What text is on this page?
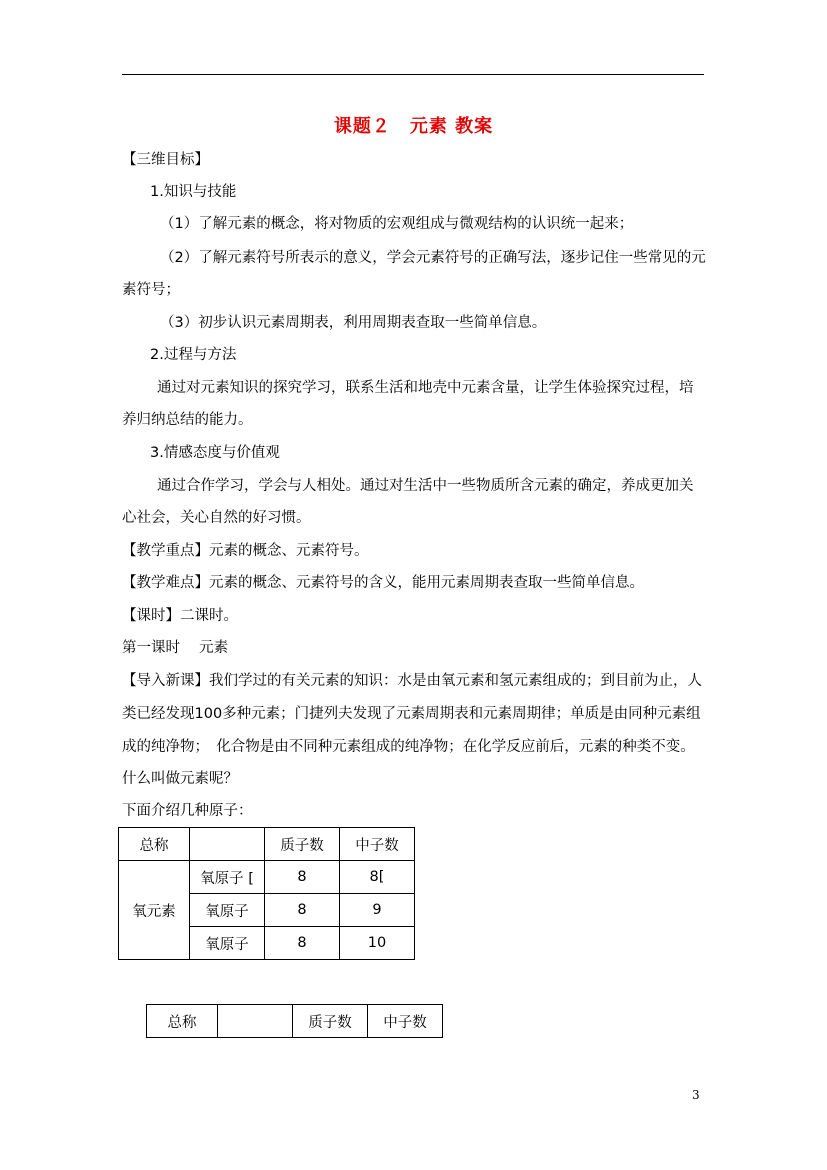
课题２　元素 教案
【三维目标】
1.知识与技能
（1）了解元素的概念，将对物质的宏观组成与微观结构的认识统一起来；
（2）了解元素符号所表示的意义，学会元素符号的正确写法，逐步记住一些常见的元
素符号；
（3）初步认识元素周期表，利用周期表查取一些简单信息。
2.过程与方法
通过对元素知识的探究学习，联系生活和地壳中元素含量，让学生体验探究过程，培
养归纳总结的能力。
3.情感态度与价值观
通过合作学习，学会与人相处。通过对生活中一些物质所含元素的确定，养成更加关
心社会，关心自然的好习惯。
【教学重点】元素的概念、元素符号。
【教学难点】元素的概念、元素符号的含义，能用元素周期表查取一些简单信息。
【课时】二课时。
第一课时　 元素
【导入新课】我们学过的有关元素的知识：水是由氧元素和氢元素组成的；到目前为止，人
类已经发现100多种元素；门捷列夫发现了元素周期表和元素周期律；单质是由同种元素组
成的纯净物；　化合物是由不同种元素组成的纯净物；在化学反应前后，元素的种类不变。
什么叫做元素呢？
下面介绍几种原子：
总称		质子数	中子数
氧元素	氧原子 [	8	8[
	氧原子	8	9
	氧原子	8	10
总称		质子数	中子数
3
